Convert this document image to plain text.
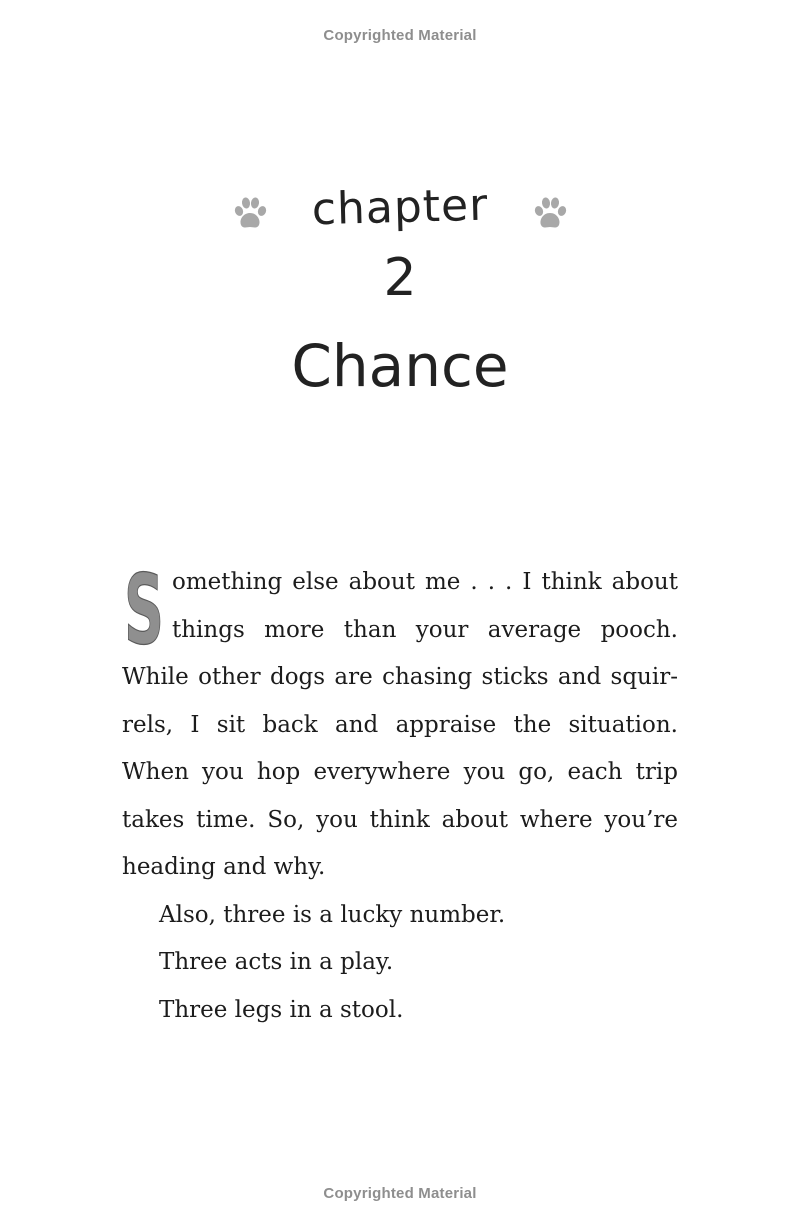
Copyrighted Material
chapter
2
Chance

S omething else about me . . . I think about things more than your average pooch. While other dogs are chasing sticks and squir-rels, I sit back and appraise the situation. When you hop everywhere you go, each trip takes time. So, you think about where you’re heading and why.

Also, three is a lucky number.

Three acts in a play.

Three legs in a stool.

Copyrighted Material
